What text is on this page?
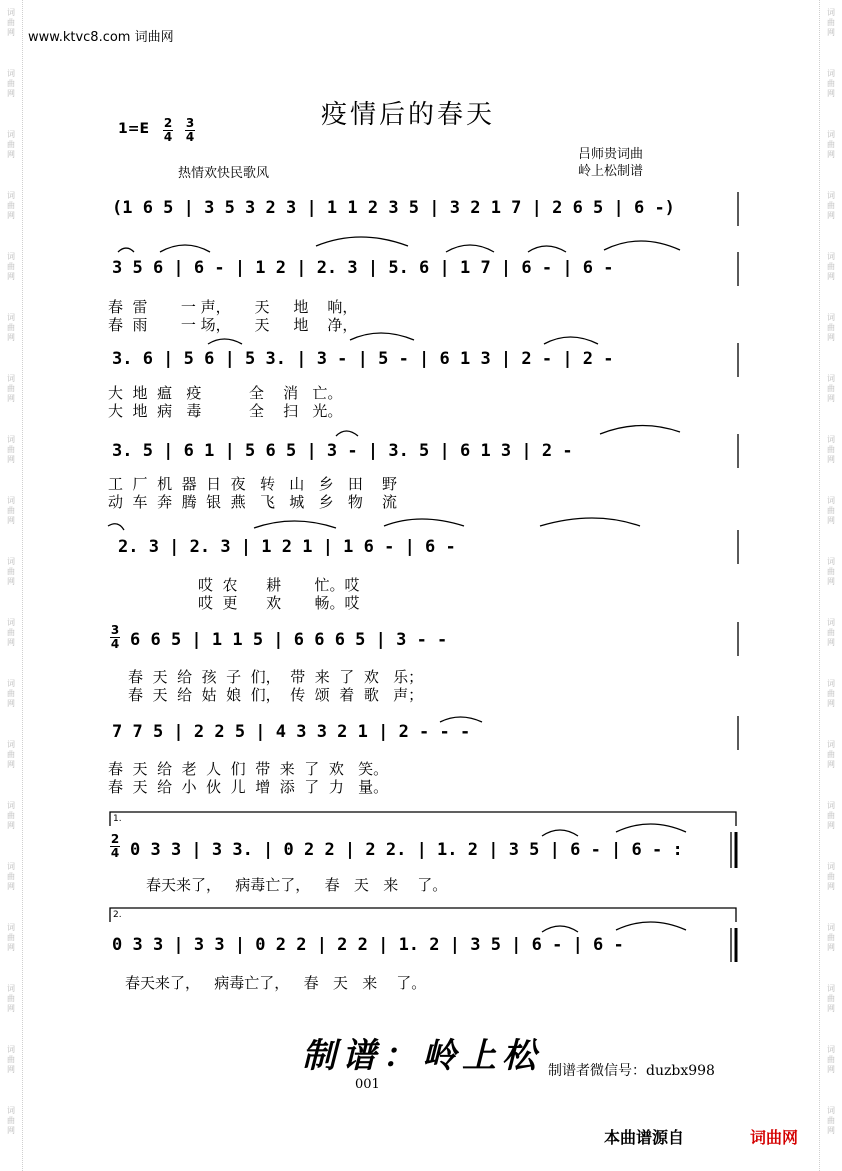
词
曲
网
词
曲
网
词
曲
网
词
曲
网
词
曲
网
词
曲
网
词
曲
网
词
曲
网
词
曲
网
词
曲
网
词
曲
网
词
曲
网
词
曲
网
词
曲
网
词
曲
网
词
曲
网
词
曲
网
词
曲
网
词
曲
网
词
曲
网
词
曲
网
词
曲
网
词
曲
网
词
曲
网
词
曲
网
词
曲
网
词
曲
网
词
曲
网
词
曲
网
词
曲
网
词
曲
网
词
曲
网
词
曲
网
词
曲
网
词
曲
网
词
曲
网
词
曲
网
词
曲
网
www.ktvc8.com 词曲网
疫情后的春天
1=E 2
4
3
4
热情欢快民歌风
吕师贵词曲
岭上松制谱
(1 6 5 | 3 5 3 2 3 | 1 1 2 3 5 | 3 2 1 7 | 2 6 5 | 6 -)
3 5 6 | 6 - | 1 2 | 2. 3 | 5. 6 | 1 7 | 6 - | 6 -
春  雷       一 声，     天     地    响，
春  雨       一 场，     天     地    净，
3. 6 | 5 6 | 5 3. | 3 - | 5 - | 6 1 3 | 2 - | 2 -
大  地  瘟   疫          全    消   亡。
大  地  病   毒          全    扫   光。
3. 5 | 6 1 | 5 6 5 | 3 - | 3. 5 | 6 1 3 | 2 -
工  厂  机  器  日  夜   转   山   乡   田    野
动  车  奔  腾  银  燕   飞   城   乡   物    流
2. 3 | 2. 3 | 1 2 1 | 1 6 - | 6 -
哎  农      耕       忙。哎
哎  更      欢       畅。哎
3
4 6 6 5 | 1 1 5 | 6 6 6 5 | 3 - -
春  天  给  孩  子  们，  带  来  了  欢   乐；
春  天  给  姑  娘  们，  传  颂  着  歌   声；
7 7 5 | 2 2 5 | 4 3 3 2 1 | 2 - - -
春  天  给  老  人  们  带  来  了  欢   笑。
春  天  给  小  伙  儿  增  添  了  力   量。
1.
2
4 0 3 3 | 3 3. | 0 2 2 | 2 2. | 1. 2 | 3 5 | 6 - | 6 - :
春天来了，   病毒亡了，   春   天   来    了。
2.
0 3 3 | 3 3 | 0 2 2 | 2 2 | 1. 2 | 3 5 | 6 - | 6 -
春天来了，   病毒亡了，   春   天   来    了。
制谱：岭上松 制谱者微信号：duzbx998
001
本曲谱源自	词曲网
